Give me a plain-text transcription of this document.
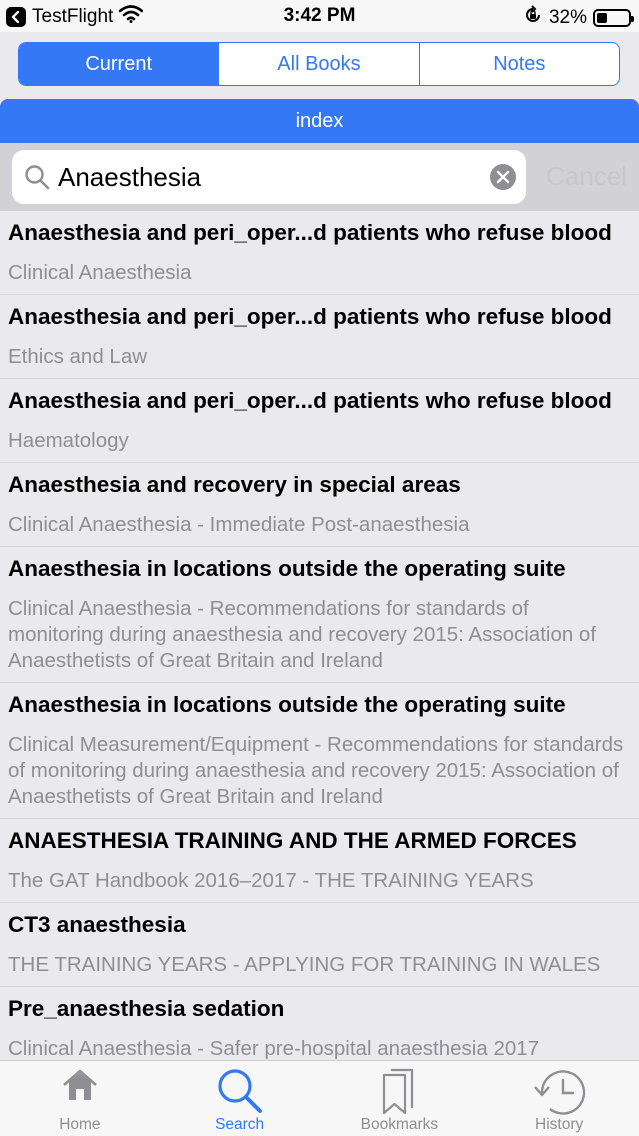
TestFlight	3:42 PM	32%
Current	All Books	Notes
index
Anaesthesia
Cancel
Anaesthesia and peri_oper...d patients who refuse blood
Clinical Anaesthesia
Anaesthesia and peri_oper...d patients who refuse blood
Ethics and Law
Anaesthesia and peri_oper...d patients who refuse blood
Haematology
Anaesthesia and recovery in special areas
Clinical Anaesthesia - Immediate Post-anaesthesia
Anaesthesia in locations outside the operating suite
Clinical Anaesthesia - Recommendations for standards of monitoring during anaesthesia and recovery 2015: Association of Anaesthetists of Great Britain and Ireland
Anaesthesia in locations outside the operating suite
Clinical Measurement/Equipment - Recommendations for standards of monitoring during anaesthesia and recovery 2015: Association of Anaesthetists of Great Britain and Ireland
ANAESTHESIA TRAINING AND THE ARMED FORCES
The GAT Handbook 2016–2017 - THE TRAINING YEARS
CT3 anaesthesia
THE TRAINING YEARS - APPLYING FOR TRAINING IN WALES
Pre_anaesthesia sedation
Clinical Anaesthesia - Safer pre-hospital anaesthesia 2017
Home	Search	Bookmarks	History
